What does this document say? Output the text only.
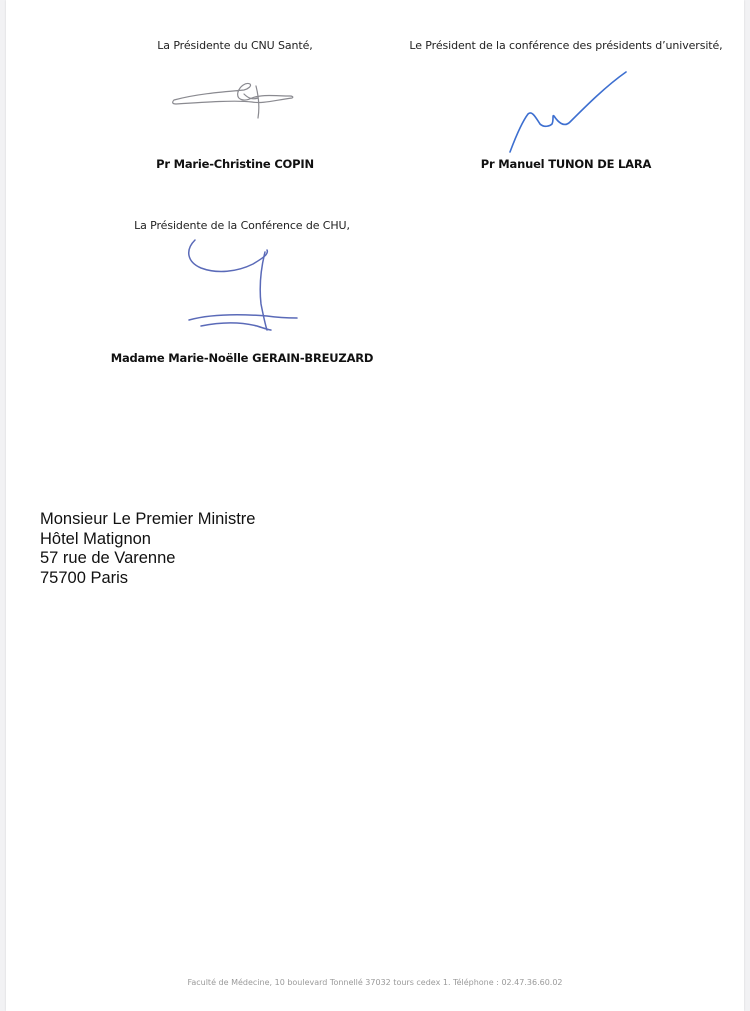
La Présidente du CNU Santé,
Pr Marie-Christine COPIN
Le Président de la conférence des présidents d’université,
Pr Manuel TUNON DE LARA
La Présidente de la Conférence de CHU,
Madame Marie-Noëlle GERAIN-BREUZARD
Monsieur Le Premier Ministre
Hôtel Matignon
57 rue de Varenne
75700 Paris
Faculté de Médecine, 10 boulevard Tonnellé 37032 tours cedex 1. Téléphone : 02.47.36.60.02
